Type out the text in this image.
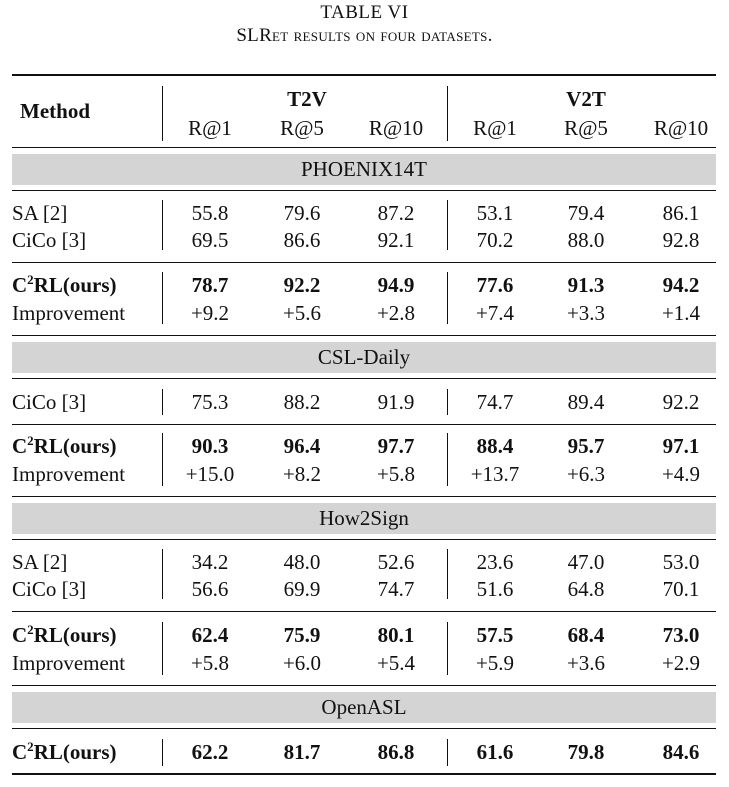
TABLE VI
SLRet results on four datasets.
Method	T2V	V2T
R@1	R@5	R@10	R@1	R@5	R@10
PHOENIX14T
SA [2]	55.8	79.6	87.2	53.1	79.4	86.1
CiCo [3]	69.5	86.6	92.1	70.2	88.0	92.8
$C^2RL(ours)$	78.7	92.2	94.9	77.6	91.3	94.2
Improvement	+9.2	+5.6	+2.8	+7.4	+3.3	+1.4
CSL-Daily
CiCo [3]	75.3	88.2	91.9	74.7	89.4	92.2
$C^2RL(ours)$	90.3	96.4	97.7	88.4	95.7	97.1
Improvement	+15.0	+8.2	+5.8	+13.7	+6.3	+4.9
How2Sign
SA [2]	34.2	48.0	52.6	23.6	47.0	53.0
CiCo [3]	56.6	69.9	74.7	51.6	64.8	70.1
$C^2RL(ours)$	62.4	75.9	80.1	57.5	68.4	73.0
Improvement	+5.8	+6.0	+5.4	+5.9	+3.6	+2.9
OpenASL
$C^2RL(ours)$	62.2	81.7	86.8	61.6	79.8	84.6
